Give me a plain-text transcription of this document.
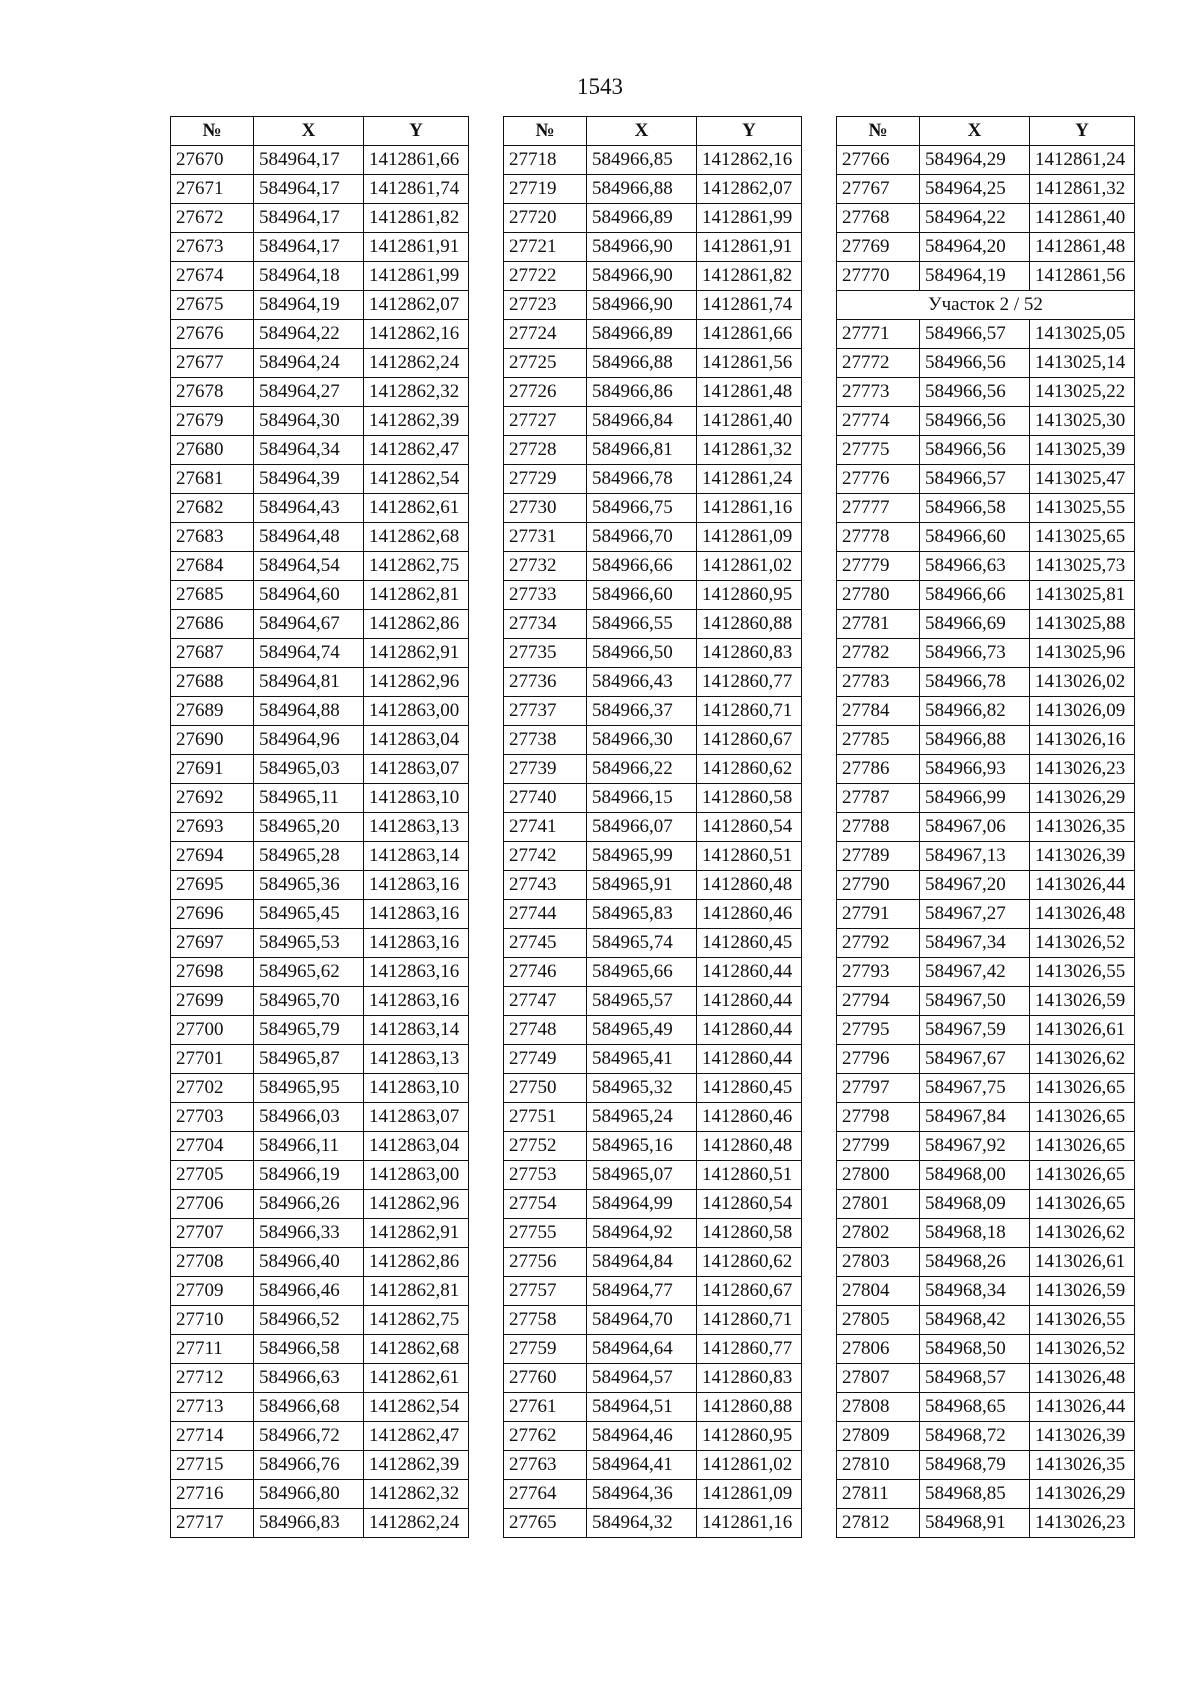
1543
№	X	Y
27670	584964,17	1412861,66
27671	584964,17	1412861,74
27672	584964,17	1412861,82
27673	584964,17	1412861,91
27674	584964,18	1412861,99
27675	584964,19	1412862,07
27676	584964,22	1412862,16
27677	584964,24	1412862,24
27678	584964,27	1412862,32
27679	584964,30	1412862,39
27680	584964,34	1412862,47
27681	584964,39	1412862,54
27682	584964,43	1412862,61
27683	584964,48	1412862,68
27684	584964,54	1412862,75
27685	584964,60	1412862,81
27686	584964,67	1412862,86
27687	584964,74	1412862,91
27688	584964,81	1412862,96
27689	584964,88	1412863,00
27690	584964,96	1412863,04
27691	584965,03	1412863,07
27692	584965,11	1412863,10
27693	584965,20	1412863,13
27694	584965,28	1412863,14
27695	584965,36	1412863,16
27696	584965,45	1412863,16
27697	584965,53	1412863,16
27698	584965,62	1412863,16
27699	584965,70	1412863,16
27700	584965,79	1412863,14
27701	584965,87	1412863,13
27702	584965,95	1412863,10
27703	584966,03	1412863,07
27704	584966,11	1412863,04
27705	584966,19	1412863,00
27706	584966,26	1412862,96
27707	584966,33	1412862,91
27708	584966,40	1412862,86
27709	584966,46	1412862,81
27710	584966,52	1412862,75
27711	584966,58	1412862,68
27712	584966,63	1412862,61
27713	584966,68	1412862,54
27714	584966,72	1412862,47
27715	584966,76	1412862,39
27716	584966,80	1412862,32
27717	584966,83	1412862,24
№	X	Y
27718	584966,85	1412862,16
27719	584966,88	1412862,07
27720	584966,89	1412861,99
27721	584966,90	1412861,91
27722	584966,90	1412861,82
27723	584966,90	1412861,74
27724	584966,89	1412861,66
27725	584966,88	1412861,56
27726	584966,86	1412861,48
27727	584966,84	1412861,40
27728	584966,81	1412861,32
27729	584966,78	1412861,24
27730	584966,75	1412861,16
27731	584966,70	1412861,09
27732	584966,66	1412861,02
27733	584966,60	1412860,95
27734	584966,55	1412860,88
27735	584966,50	1412860,83
27736	584966,43	1412860,77
27737	584966,37	1412860,71
27738	584966,30	1412860,67
27739	584966,22	1412860,62
27740	584966,15	1412860,58
27741	584966,07	1412860,54
27742	584965,99	1412860,51
27743	584965,91	1412860,48
27744	584965,83	1412860,46
27745	584965,74	1412860,45
27746	584965,66	1412860,44
27747	584965,57	1412860,44
27748	584965,49	1412860,44
27749	584965,41	1412860,44
27750	584965,32	1412860,45
27751	584965,24	1412860,46
27752	584965,16	1412860,48
27753	584965,07	1412860,51
27754	584964,99	1412860,54
27755	584964,92	1412860,58
27756	584964,84	1412860,62
27757	584964,77	1412860,67
27758	584964,70	1412860,71
27759	584964,64	1412860,77
27760	584964,57	1412860,83
27761	584964,51	1412860,88
27762	584964,46	1412860,95
27763	584964,41	1412861,02
27764	584964,36	1412861,09
27765	584964,32	1412861,16
№	X	Y
27766	584964,29	1412861,24
27767	584964,25	1412861,32
27768	584964,22	1412861,40
27769	584964,20	1412861,48
27770	584964,19	1412861,56
Участок 2 / 52		
27771	584966,57	1413025,05
27772	584966,56	1413025,14
27773	584966,56	1413025,22
27774	584966,56	1413025,30
27775	584966,56	1413025,39
27776	584966,57	1413025,47
27777	584966,58	1413025,55
27778	584966,60	1413025,65
27779	584966,63	1413025,73
27780	584966,66	1413025,81
27781	584966,69	1413025,88
27782	584966,73	1413025,96
27783	584966,78	1413026,02
27784	584966,82	1413026,09
27785	584966,88	1413026,16
27786	584966,93	1413026,23
27787	584966,99	1413026,29
27788	584967,06	1413026,35
27789	584967,13	1413026,39
27790	584967,20	1413026,44
27791	584967,27	1413026,48
27792	584967,34	1413026,52
27793	584967,42	1413026,55
27794	584967,50	1413026,59
27795	584967,59	1413026,61
27796	584967,67	1413026,62
27797	584967,75	1413026,65
27798	584967,84	1413026,65
27799	584967,92	1413026,65
27800	584968,00	1413026,65
27801	584968,09	1413026,65
27802	584968,18	1413026,62
27803	584968,26	1413026,61
27804	584968,34	1413026,59
27805	584968,42	1413026,55
27806	584968,50	1413026,52
27807	584968,57	1413026,48
27808	584968,65	1413026,44
27809	584968,72	1413026,39
27810	584968,79	1413026,35
27811	584968,85	1413026,29
27812	584968,91	1413026,23
